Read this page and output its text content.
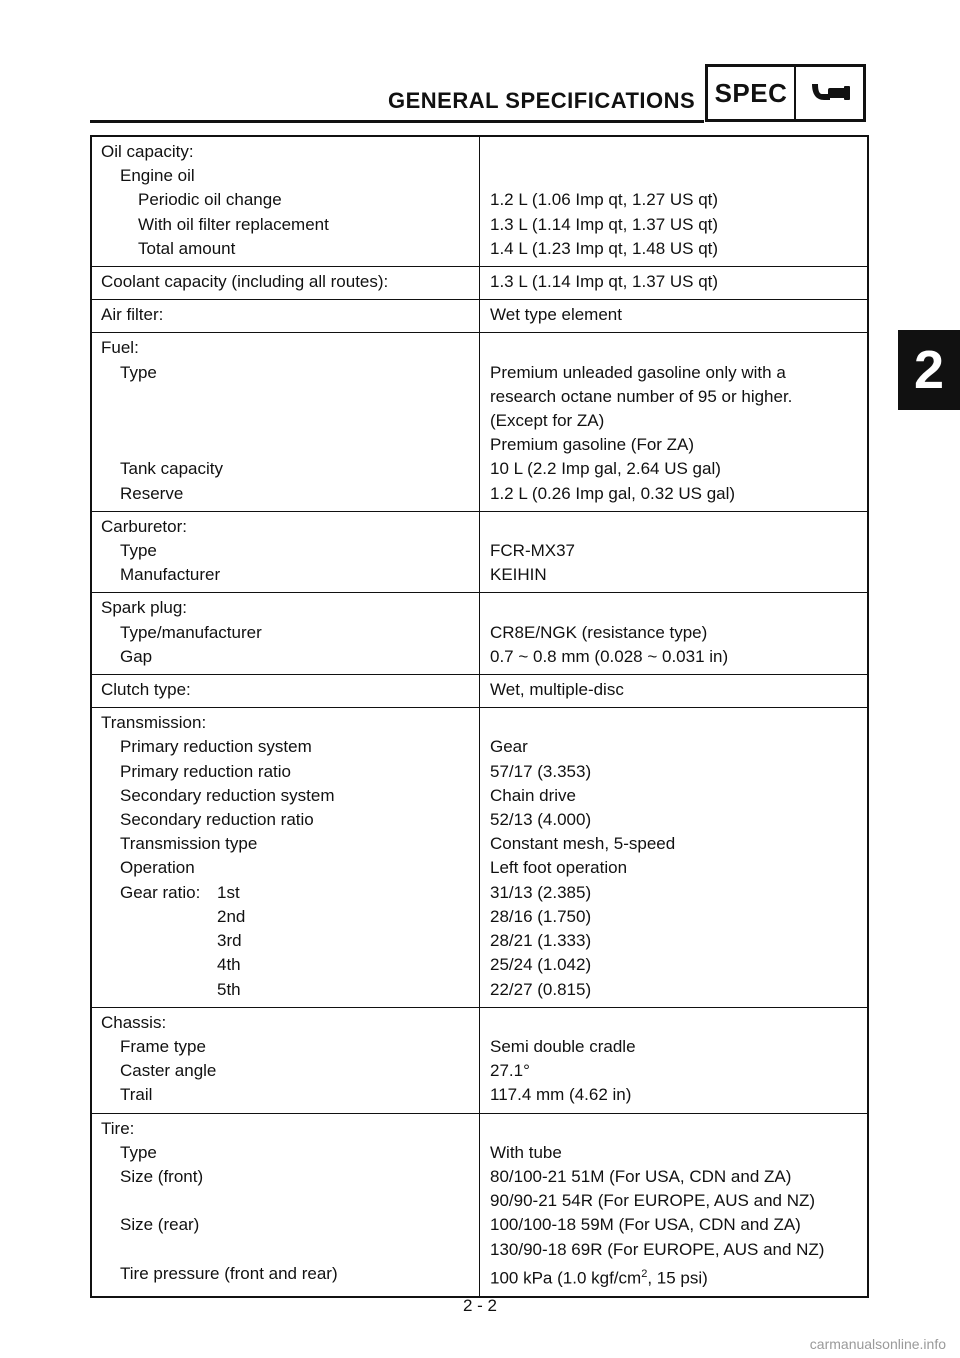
GENERAL SPECIFICATIONS SPEC
2
Oil capacity:
Engine oil
Periodic oil change	1.2 L (1.06 Imp qt, 1.27 US qt)
With oil filter replacement	1.3 L (1.14 Imp qt, 1.37 US qt)
Total amount	1.4 L (1.23 Imp qt, 1.48 US qt)
Coolant capacity (including all routes):	1.3 L (1.14 Imp qt, 1.37 US qt)
Air filter:	Wet type element
Fuel:
Type	Premium unleaded gasoline only with a
research octane number of 95 or higher.
(Except for ZA)
Premium gasoline (For ZA)
Tank capacity	10 L (2.2 Imp gal, 2.64 US gal)
Reserve	1.2 L (0.26 Imp gal, 0.32 US gal)
Carburetor:
Type	FCR-MX37
Manufacturer	KEIHIN
Spark plug:
Type/manufacturer	CR8E/NGK (resistance type)
Gap	0.7 ~ 0.8 mm (0.028 ~ 0.031 in)
Clutch type:	Wet, multiple-disc
Transmission:
Primary reduction system	Gear
Primary reduction ratio	57/17 (3.353)
Secondary reduction system	Chain drive
Secondary reduction ratio	52/13 (4.000)
Transmission type	Constant mesh, 5-speed
Operation	Left foot operation
Gear ratio: 1st	31/13 (2.385)
2nd	28/16 (1.750)
3rd	28/21 (1.333)
4th	25/24 (1.042)
5th	22/27 (0.815)
Chassis:
Frame type	Semi double cradle
Caster angle	27.1°
Trail	117.4 mm (4.62 in)
Tire:
Type	With tube
Size (front)	80/100-21 51M (For USA, CDN and ZA)
90/90-21 54R (For EUROPE, AUS and NZ)
Size (rear)	100/100-18 59M (For USA, CDN and ZA)
130/90-18 69R (For EUROPE, AUS and NZ)
Tire pressure (front and rear)	100 kPa (1.0 kgf/$cm^2$, 15 psi)
2 - 2
carmanualsonline.info
